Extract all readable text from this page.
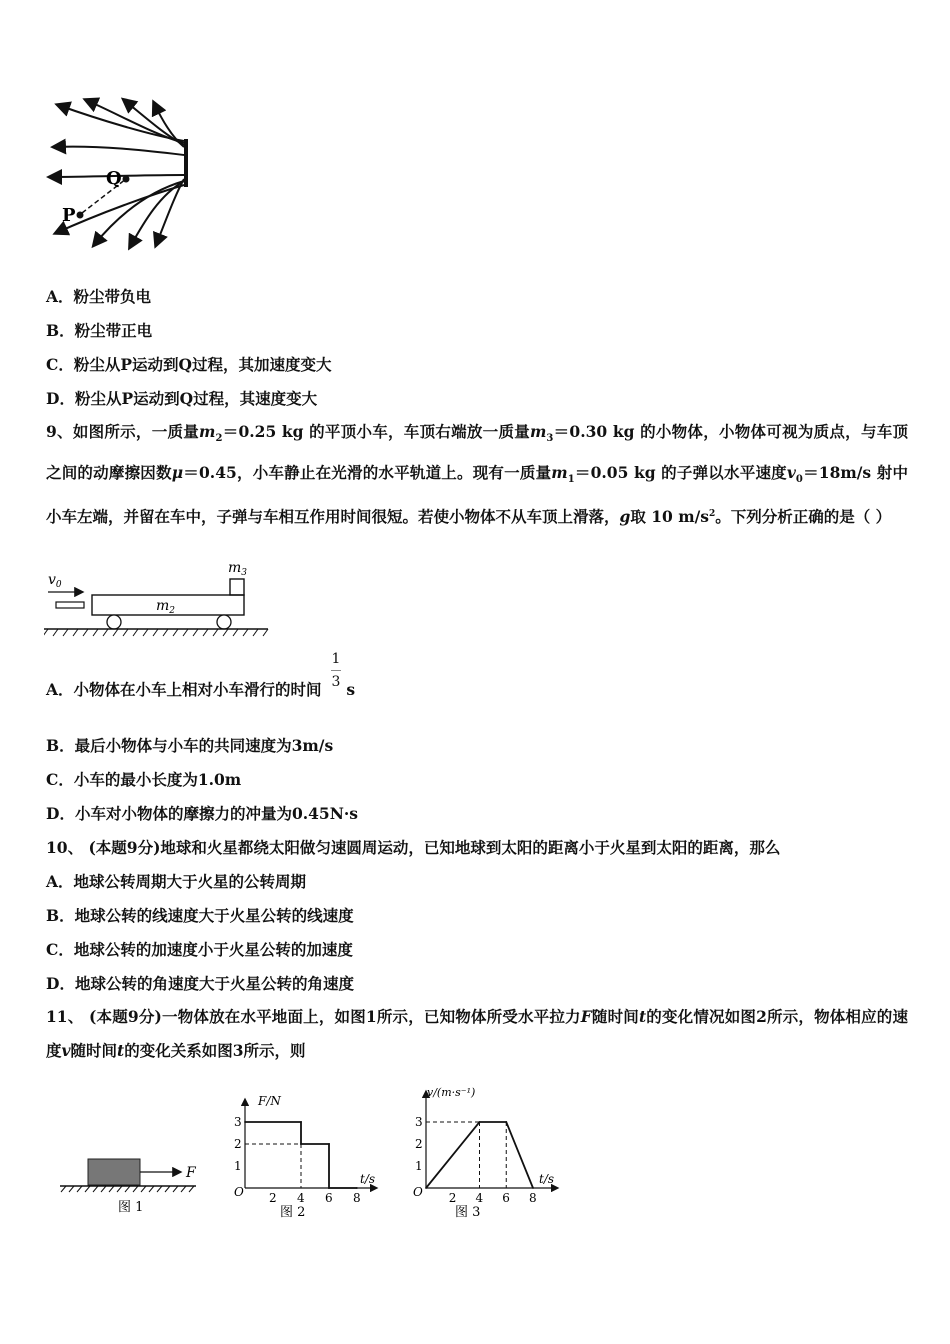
Q
P
A．粉尘带负电
B．粉尘带正电
C．粉尘从P运动到Q过程，其加速度变大
D．粉尘从P运动到Q过程，其速度变大
9、如图所示，一质量$m_2=0.25$ kg 的平顶小车，车顶右端放一质量$m_3=0.30$ kg 的小物体，小物体可视为质点，与车顶之间的动摩擦因数μ＝0.45，小车静止在光滑的水平轨道上。现有一质量$m_1=0.05$ kg 的子弹以水平速度$v_0=18m/s$ 射中小车左端，并留在车中，子弹与车相互作用时间很短。若使小物体不从车顶上滑落，g取 10 $m/s^2$。下列分析正确的是（ ）
$v_0$
$m_2$
$m_3$
A．小物体在小车上相对小车滑行的时间 $\frac{1}{3}$ s
B．最后小物体与小车的共同速度为3m/s
C．小车的最小长度为1.0m
D．小车对小物体的摩擦力的冲量为0.45N·s
10、 (本题9分)地球和火星都绕太阳做匀速圆周运动，已知地球到太阳的距离小于火星到太阳的距离，那么
A．地球公转周期大于火星的公转周期
B．地球公转的线速度大于火星公转的线速度
C．地球公转的加速度小于火星公转的加速度
D．地球公转的角速度大于火星公转的角速度
11、 (本题9分)一物体放在水平地面上，如图1所示，已知物体所受水平拉力F随时间t的变化情况如图2所示，物体相应的速度v随时间t的变化关系如图3所示，则
F
图 1
F/N
t/s
O
1
2
3
2 4 6 8
图 2
v/(m·s⁻¹)
t/s
O
1
2
3
2 4 6 8
图 3
